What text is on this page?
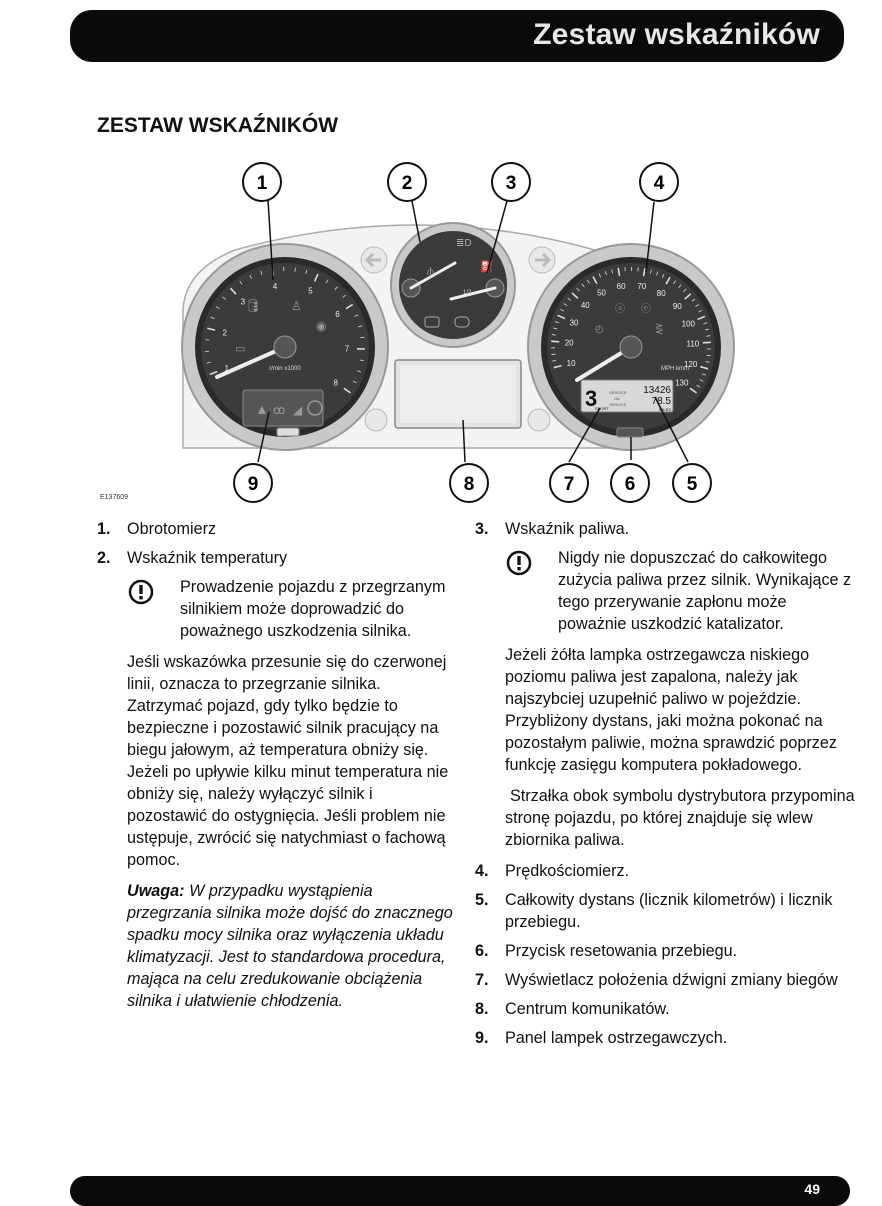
Zestaw wskaźników
ZESTAW WSKAŹNIKÓW
1
2
3
4
5
6
7
8
r/min x1000
▲ ꝏ ◢
🛢 ♙
◉
▭
⫛	⛽
1/2
≣D
10
20
30
40
50
60 70
80
90
100
110
120
130
MPH km/h
3
SPORT
SERVICE
OIL
SERVICE
13426
78.5
MILES
◴
ⓐ ⓔ
⋛
1	2	3	4
5
6
7
8
9
E137609
1. Obrotomierz
2. Wskaźnik temperatury
Prowadzenie pojazdu z przegrzanym silnikiem może doprowadzić do poważnego uszkodzenia silnika.
Jeśli wskazówka przesunie się do czerwonej linii, oznacza to przegrzanie silnika. Zatrzymać pojazd, gdy tylko będzie to bezpieczne i pozostawić silnik pracujący na biegu jałowym, aż temperatura obniży się. Jeżeli po upływie kilku minut temperatura nie obniży się, należy wyłączyć silnik i pozostawić do ostygnięcia. Jeśli problem nie ustępuje, zwrócić się natychmiast o fachową pomoc.
Uwaga: W przypadku wystąpienia przegrzania silnika może dojść do znacznego spadku mocy silnika oraz wyłączenia układu klimatyzacji. Jest to standardowa procedura, mająca na celu zredukowanie obciążenia silnika i ułatwienie chłodzenia.
3. Wskaźnik paliwa.
Nigdy nie dopuszczać do całkowitego zużycia paliwa przez silnik. Wynikające z tego przerywanie zapłonu może poważnie uszkodzić katalizator.
Jeżeli żółta lampka ostrzegawcza niskiego poziomu paliwa jest zapalona, należy jak najszybciej uzupełnić paliwo w pojeździe. Przybliżony dystans, jaki można pokonać na pozostałym paliwie, można sprawdzić poprzez funkcję zasięgu komputera pokładowego.
Strzałka obok symbolu dystrybutora przypomina stronę pojazdu, po której znajduje się wlew zbiornika paliwa.
4. Prędkościomierz.
5. Całkowity dystans (licznik kilometrów) i licznik przebiegu.
6. Przycisk resetowania przebiegu.
7. Wyświetlacz położenia dźwigni zmiany biegów
8. Centrum komunikatów.
9. Panel lampek ostrzegawczych.
49
